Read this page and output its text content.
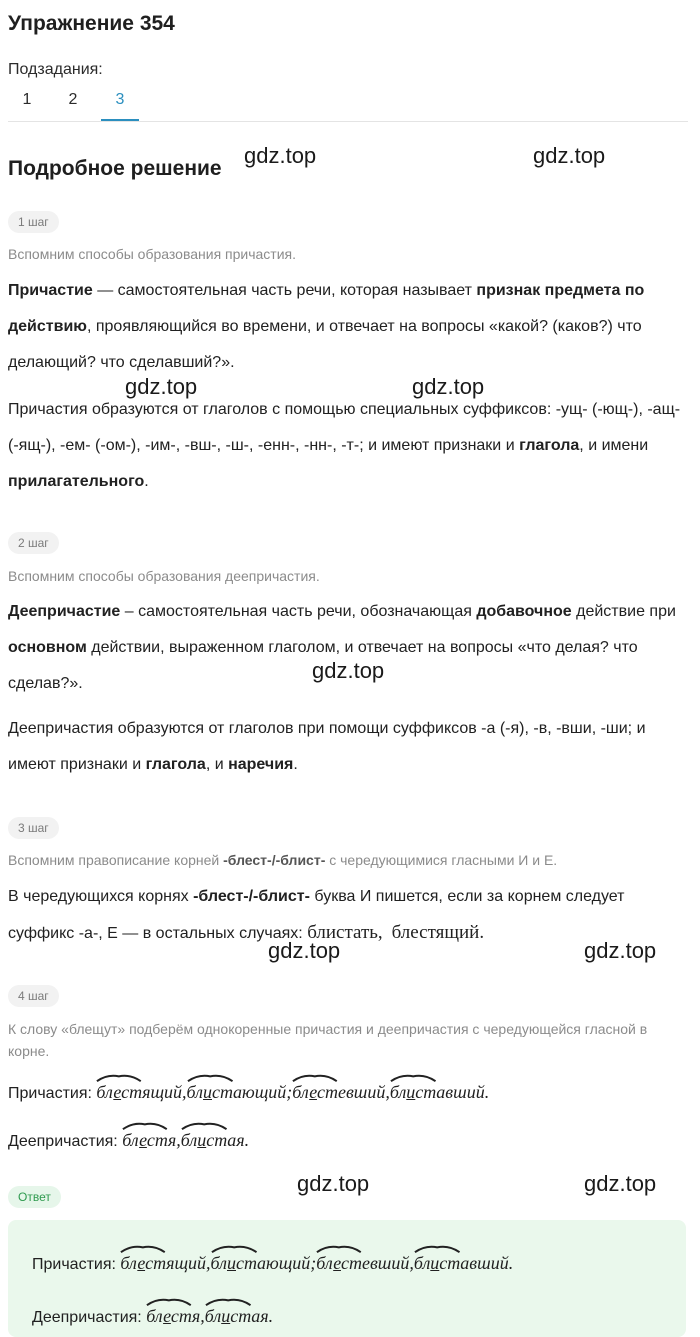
Упражнение 354
Подзадания:
1	2	3
Подробное решение
gdz.top	gdz.top
gdz.top	gdz.top
gdz.top
gdz.top	gdz.top
gdz.top	gdz.top
1 шаг
Вспомним способы образования причастия.
Причастие — самостоятельная часть речи, которая называет признак предмета по действию, проявляющийся во времени, и отвечает на вопросы «какой? (каков?) что делающий? что сделавший?».
Причастия образуются от глаголов с помощью специальных суффиксов: -ущ- (-ющ-), -ащ- (-ящ-), -ем- (-ом-), -им-, -вш-, -ш-, -енн-, -нн-, -т-; и имеют признаки и глагола, и имени прилагательного.
2 шаг
Вспомним способы образования деепричастия.
Деепричастие – самостоятельная часть речи, обозначающая добавочное действие при основном действии, выраженном глаголом, и отвечает на вопросы «что делая? что сделав?».
Деепричастия образуются от глаголов при помощи суффиксов -а (-я), -в, -вши, -ши; и имеют признаки и глагола, и наречия.
3 шаг
Вспомним правописание корней -блест-/-блист- с чередующимися гласными И и Е.
В чередующихся корнях -блест-/-блист- буква И пишется, если за корнем следует суффикс -а-, Е — в остальных случаях: блистать, блестящий.
4 шаг
К слову «блещут» подберём однокоренные причастия и деепричастия с чередующейся гласной в корне.
Причастия: блест
ящий,блист
ающий;блест
евший,блист
авший.
Деепричастия: блест
я,блист
ая.
Ответ
Причастия: блест
ящий,блист
ающий;блест
евший,блист
авший.
Деепричастия: блест
я,блист
ая.
